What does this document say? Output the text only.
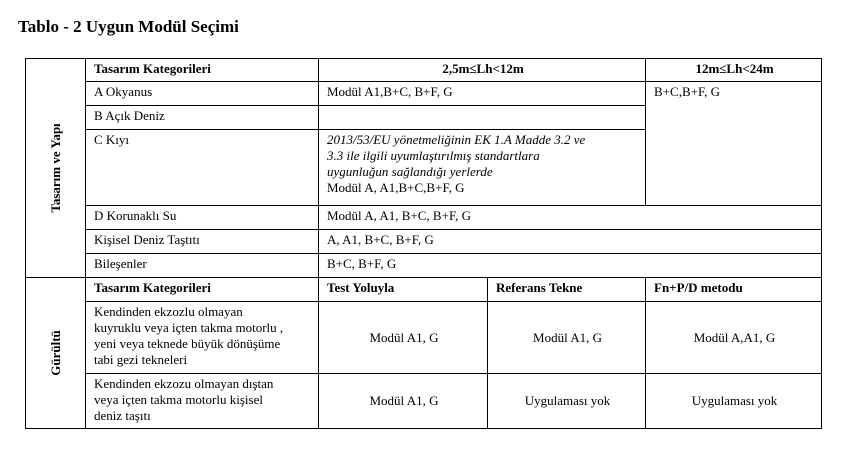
Tablo - 2 Uygun Modül Seçimi
Tasarım ve Yapı	Tasarım Kategorileri	2,5m≤Lh<12m		12m≤Lh<24m
	A Okyanus	Modül A1,B+C, B+F, G		B+C,B+F, G
	B Açık Deniz			
	C Kıyı	2013/53/EU yönetmeliğinin EK 1.A Madde 3.2 ve
3.3 ile ilgili uyumlaştırılmış standartlara
uygunluğun sağlandığı yerlerde
Modül A, A1,B+C,B+F, G		

	D Korunaklı Su	Modül A, A1, B+C, B+F, G		
	Kişisel Deniz Taştıtı	A, A1, B+C, B+F, G		
	Bileşenler	B+C, B+F, G		

Gürültü	Tasarım Kategorileri	Test Yoluyla	Referans Tekne	Fn+P/D metodu

	Kendinden ekzozlu olmayan
kuyruklu veya içten takma motorlu ,
yeni veya teknede büyük dönüşüme
tabi gezi tekneleri	Modül A1, G	Modül A1, G	Modül A,A1, G

	Kendinden ekzozu olmayan dıştan
veya içten takma motorlu kişisel
deniz taşıtı	Modül A1, G	Uygulaması yok	Uygulaması yok
